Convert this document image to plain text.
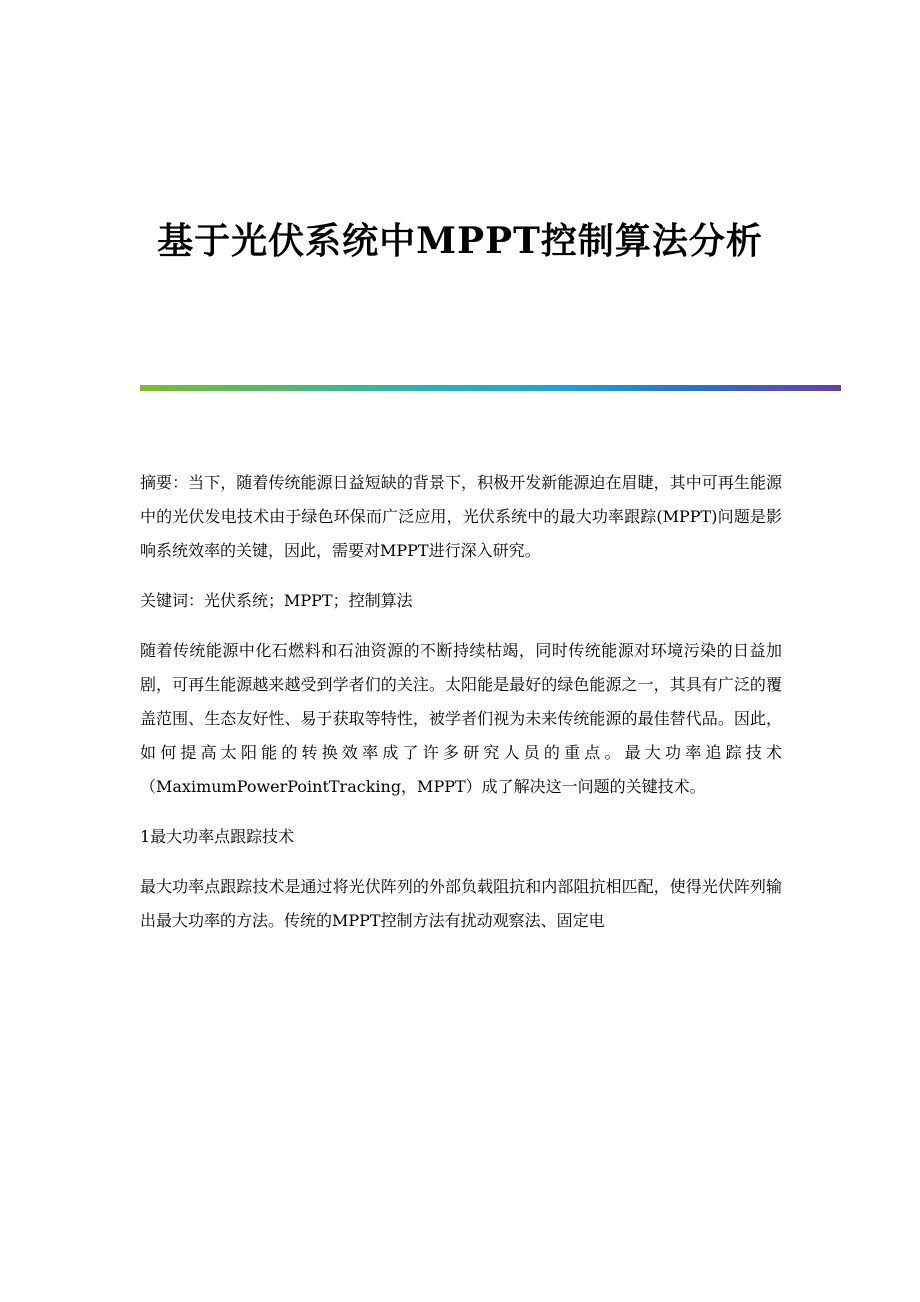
基于光伏系统中MPPT控制算法分析

摘要：当下，随着传统能源日益短缺的背景下，积极开发新能源迫在眉睫，其中可再生能源中的光伏发电技术由于绿色环保而广泛应用，光伏系统中的最大功率跟踪(MPPT)问题是影响系统效率的关键，因此，需要对MPPT进行深入研究。

关键词：光伏系统；MPPT；控制算法

随着传统能源中化石燃料和石油资源的不断持续枯竭，同时传统能源对环境污染的日益加剧，可再生能源越来越受到学者们的关注。太阳能是最好的绿色能源之一，其具有广泛的覆盖范围、生态友好性、易于获取等特性，被学者们视为未来传统能源的最佳替代品。因此，如何提高太阳能的转换效率成了许多研究人员的重点。最大功率追踪技术（MaximumPowerPointTracking，MPPT）成了解决这一问题的关键技术。

1最大功率点跟踪技术

最大功率点跟踪技术是通过将光伏阵列的外部负载阻抗和内部阻抗相匹配，使得光伏阵列输出最大功率的方法。传统的MPPT控制方法有扰动观察法、固定电
